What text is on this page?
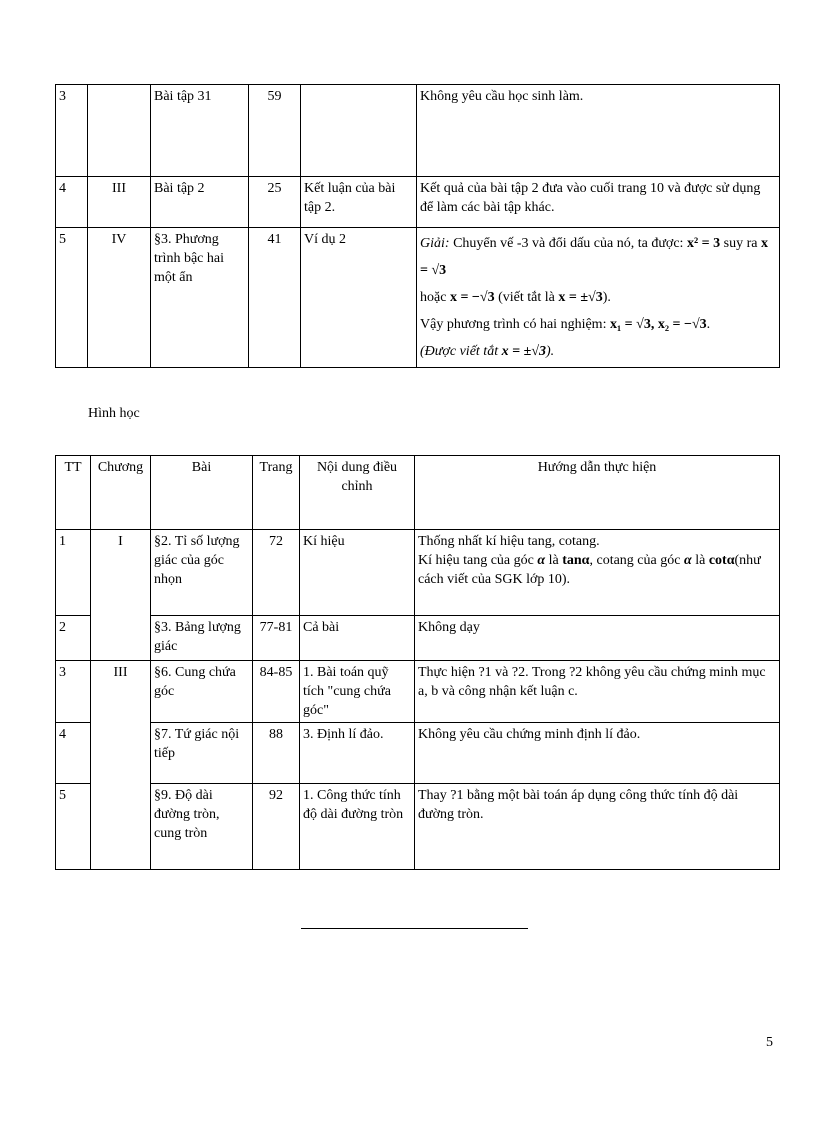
3		Bài tập 31	59		Không yêu cầu học sinh làm.
4	III	Bài tập 2	25	Kết luận của bài tập 2.	Kết quả của bài tập 2 đưa vào cuối trang 10 và được sử dụng để làm các bài tập khác.
5	IV	§3. Phương trình bậc hai một ẩn	41	Ví dụ 2	Giải: Chuyển vế -3 và đổi dấu của nó, ta được: x² = 3 suy ra x = √3
hoặc x = −√3 (viết tắt là x = ±√3).
Vậy phương trình có hai nghiệm: x₁ = √3, x₂ = −√3.
(Được viết tắt x = ±√3).
Hình học
TT	Chương	Bài	Trang	Nội dung điều chỉnh	Hướng dẫn thực hiện
1	I	§2. Tỉ số lượng giác của góc nhọn	72	Kí hiệu	Thống nhất kí hiệu tang, cotang.
Kí hiệu tang của góc α là tanα, cotang của góc α là cotα(như cách viết của SGK lớp 10).
2		§3. Bảng lượng giác	77-81	Cả bài	Không dạy
3	III	§6. Cung chứa góc	84-85	1. Bài toán quỹ tích "cung chứa góc"	Thực hiện ?1 và ?2. Trong ?2 không yêu cầu chứng minh mục a, b và công nhận kết luận c.
4		§7. Tứ giác nội tiếp	88	3. Định lí đảo.	Không yêu cầu chứng minh định lí đảo.
5		§9. Độ dài đường tròn, cung tròn	92	1. Công thức tính độ dài đường tròn	Thay ?1 bằng một bài toán áp dụng công thức tính độ dài đường tròn.
5
